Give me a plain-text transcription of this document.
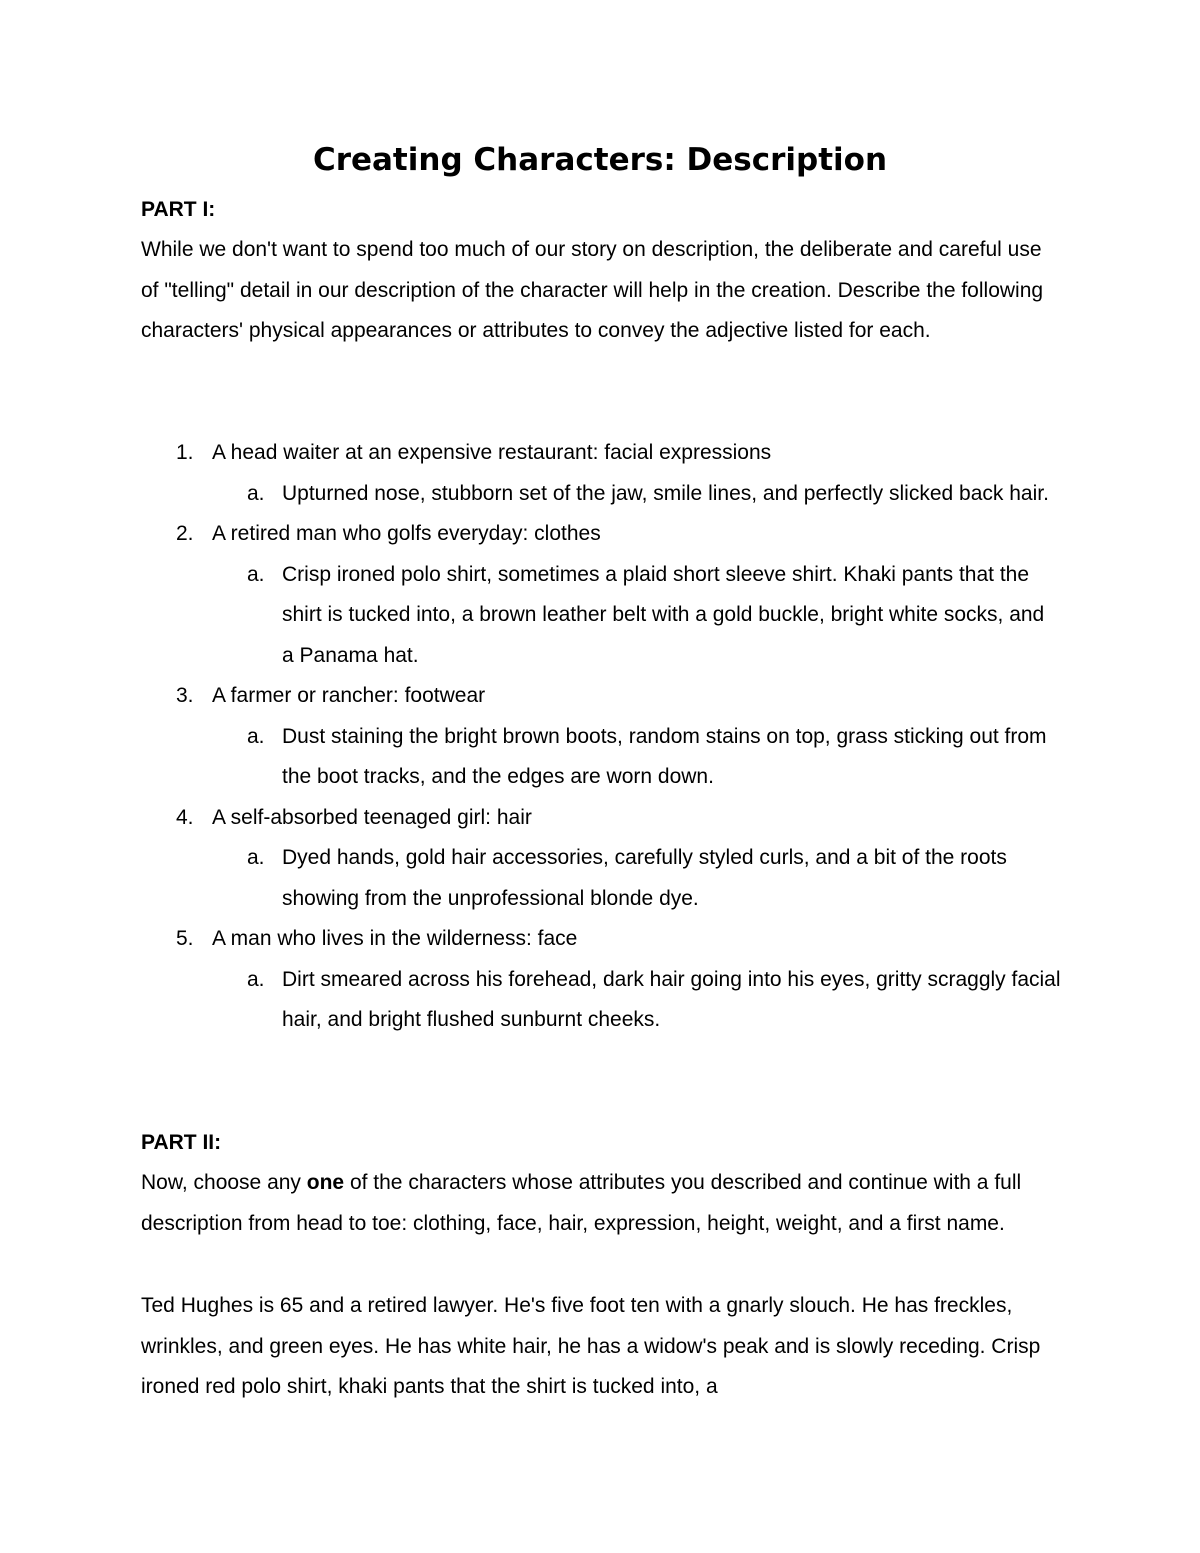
Creating Characters: Description

PART I:

While we don't want to spend too much of our story on description, the deliberate and careful use of "telling" detail in our description of the character will help in the creation. Describe the following characters' physical appearances or attributes to convey the adjective listed for each.

1. A head waiter at an expensive restaurant: facial expressions
a. Upturned nose, stubborn set of the jaw, smile lines, and perfectly slicked back hair.
2. A retired man who golfs everyday: clothes
a. Crisp ironed polo shirt, sometimes a plaid short sleeve shirt. Khaki pants that the shirt is tucked into, a brown leather belt with a gold buckle, bright white socks, and a Panama hat.
3. A farmer or rancher: footwear
a. Dust staining the bright brown boots, random stains on top, grass sticking out from the boot tracks, and the edges are worn down.
4. A self-absorbed teenaged girl: hair
a. Dyed hands, gold hair accessories, carefully styled curls, and a bit of the roots showing from the unprofessional blonde dye.
5. A man who lives in the wilderness: face
a. Dirt smeared across his forehead, dark hair going into his eyes, gritty scraggly facial hair, and bright flushed sunburnt cheeks.

PART II:

Now, choose any one of the characters whose attributes you described and continue with a full description from head to toe: clothing, face, hair, expression, height, weight, and a first name.

Ted Hughes is 65 and a retired lawyer. He's five foot ten with a gnarly slouch. He has freckles, wrinkles, and green eyes. He has white hair, he has a widow's peak and is slowly receding. Crisp ironed red polo shirt, khaki pants that the shirt is tucked into, a
